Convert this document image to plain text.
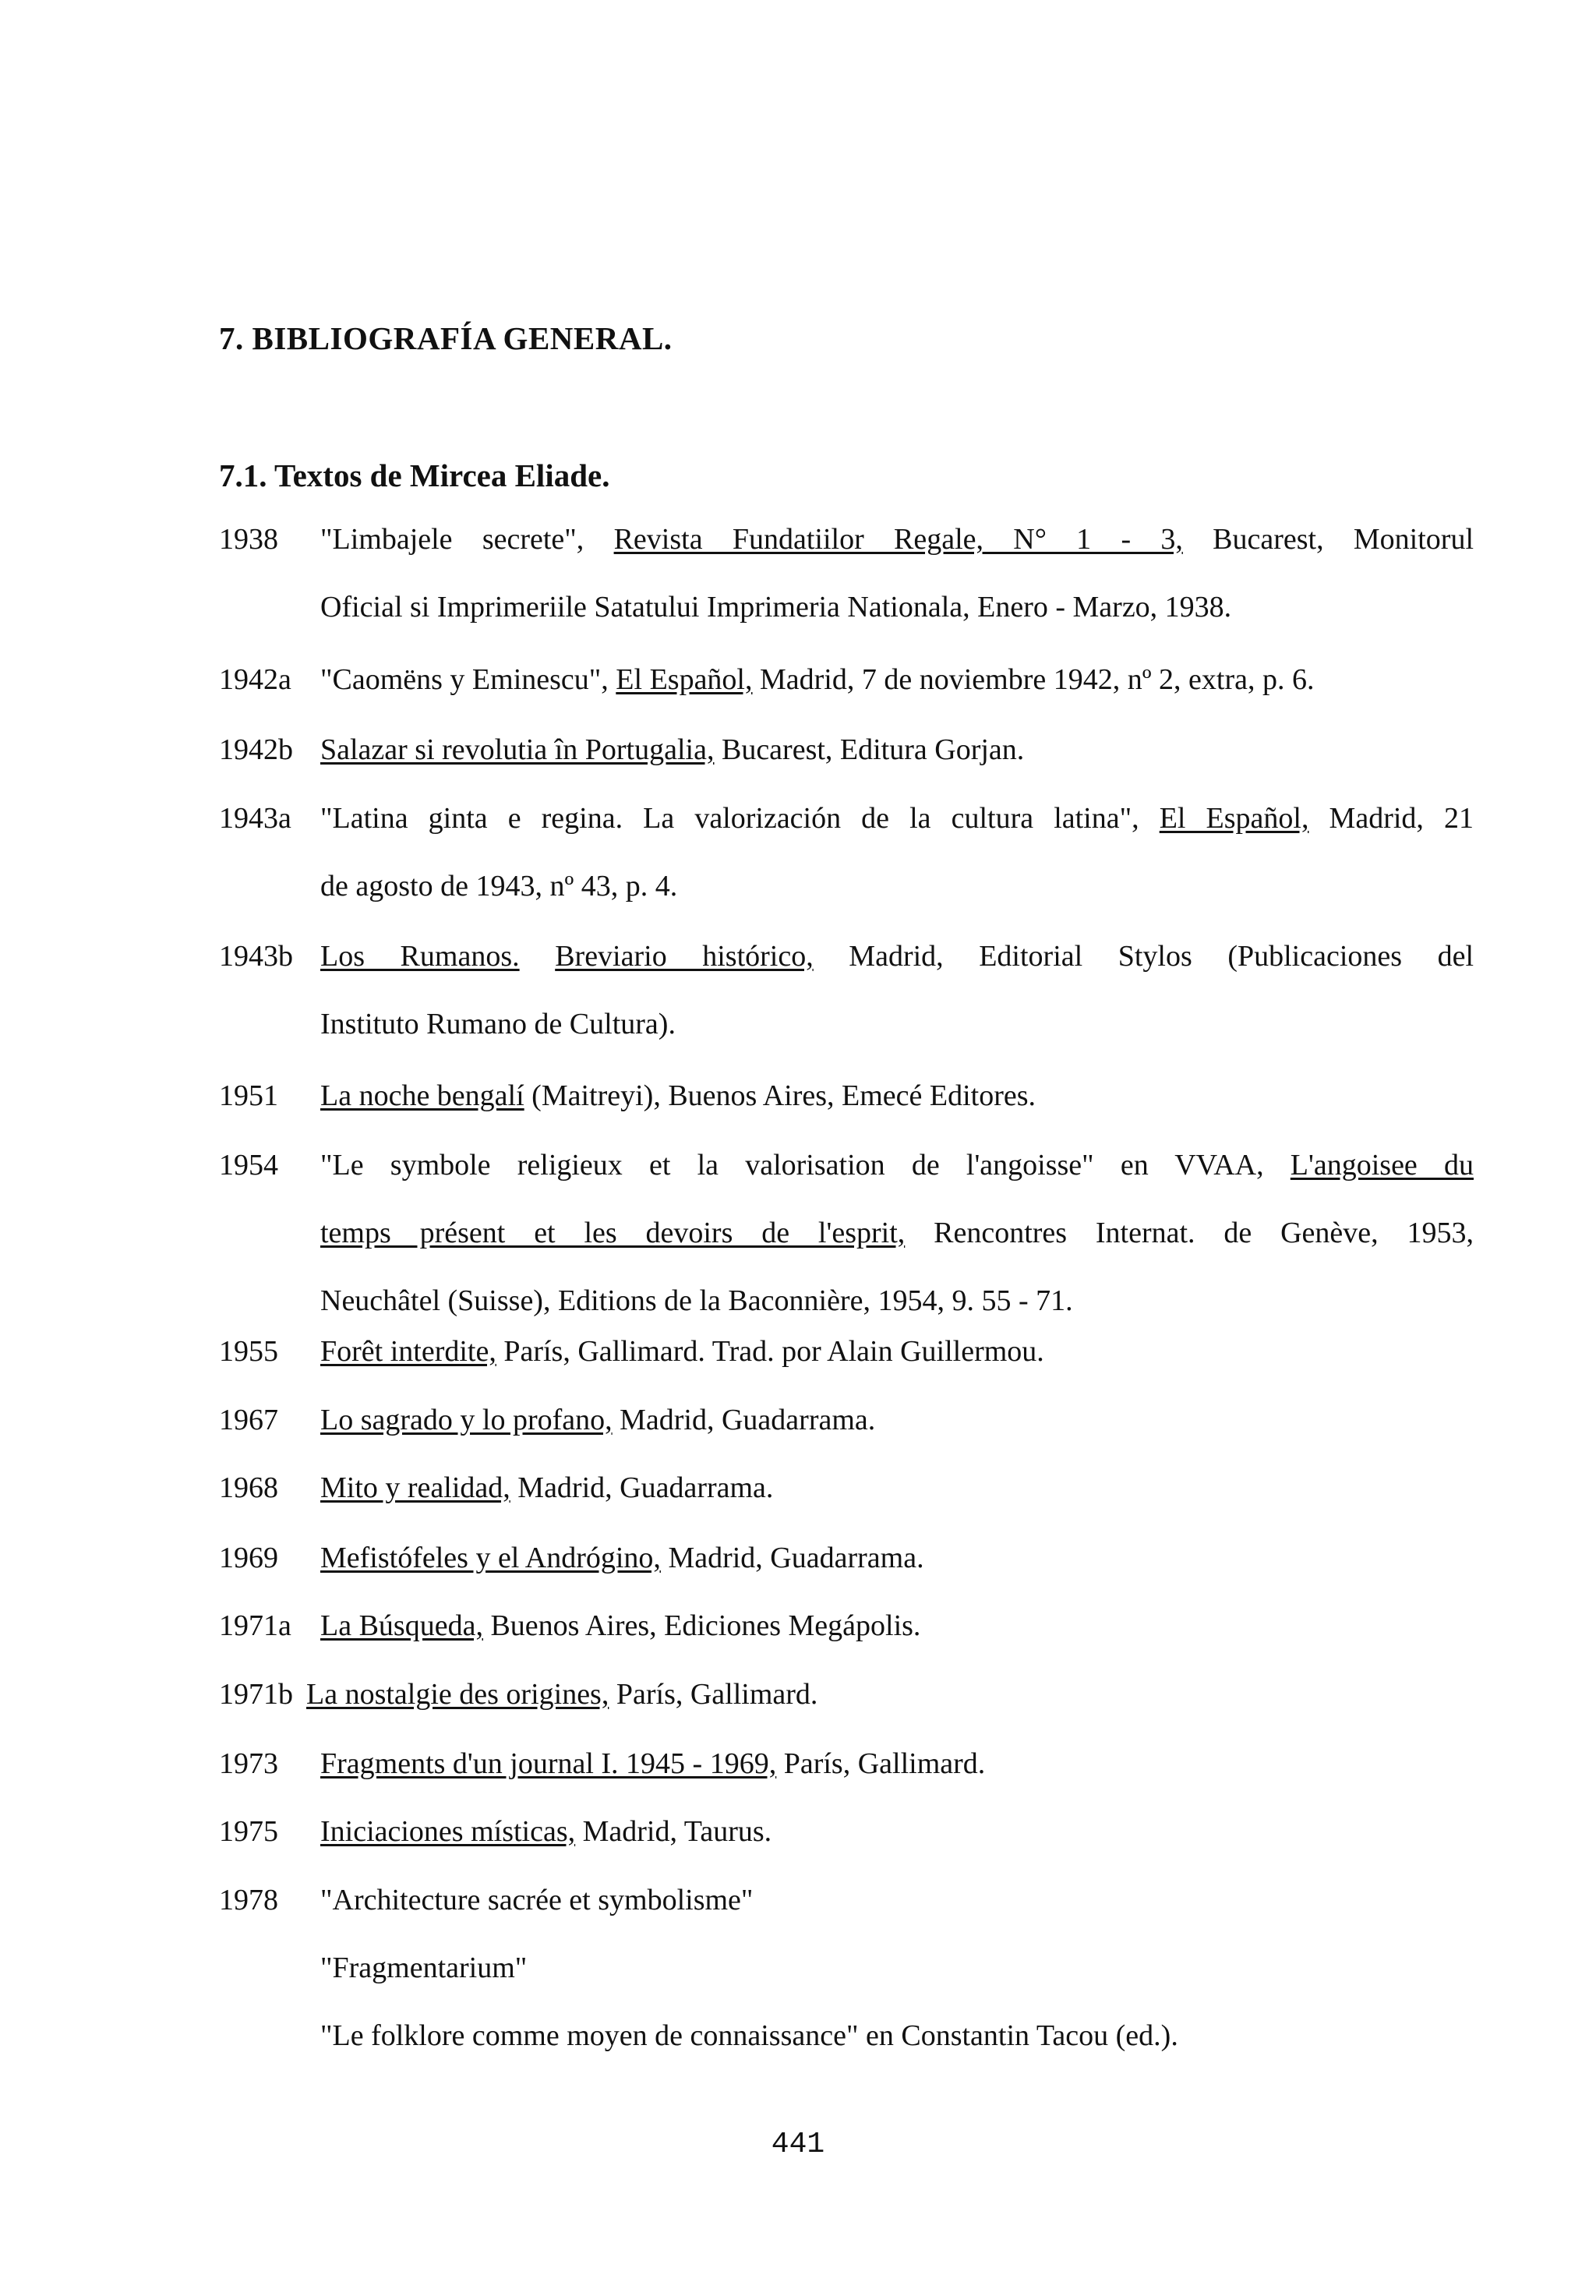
7. BIBLIOGRAFÍA GENERAL.
7.1. Textos de Mircea Eliade.
1938 "Limbajele secrete", Revista Fundatiilor Regale, N° 1 - 3, Bucarest, Monitorul
Oficial si Imprimeriile Satatului Imprimeria Nationala, Enero - Marzo, 1938.
1942a "Caomëns y Eminescu", El Español, Madrid, 7 de noviembre 1942, nº 2, extra, p. 6.
1942b Salazar si revolutia în Portugalia, Bucarest, Editura Gorjan.
1943a "Latina ginta e regina. La valorización de la cultura latina", El Español, Madrid, 21
de agosto de 1943, nº 43, p. 4.
1943b Los Rumanos. Breviario histórico, Madrid, Editorial Stylos (Publicaciones del
Instituto Rumano de Cultura).
1951 La noche bengalí (Maitreyi), Buenos Aires, Emecé Editores.
1954 "Le symbole religieux et la valorisation de l'angoisse" en VVAA, L'angoisee du
temps présent et les devoirs de l'esprit, Rencontres Internat. de Genève, 1953,
Neuchâtel (Suisse), Editions de la Baconnière, 1954, 9. 55 - 71.
1955 Forêt interdite, París, Gallimard. Trad. por Alain Guillermou.
1967 Lo sagrado y lo profano, Madrid, Guadarrama.
1968 Mito y realidad, Madrid, Guadarrama.
1969 Mefistófeles y el Andrógino, Madrid, Guadarrama.
1971a La Búsqueda, Buenos Aires, Ediciones Megápolis.
1971b La nostalgie des origines, París, Gallimard.
1973 Fragments d'un journal I. 1945 - 1969, París, Gallimard.
1975 Iniciaciones místicas, Madrid, Taurus.
1978 "Architecture sacrée et symbolisme"
"Fragmentarium"
"Le folklore comme moyen de connaissance" en Constantin Tacou (ed.).
441
